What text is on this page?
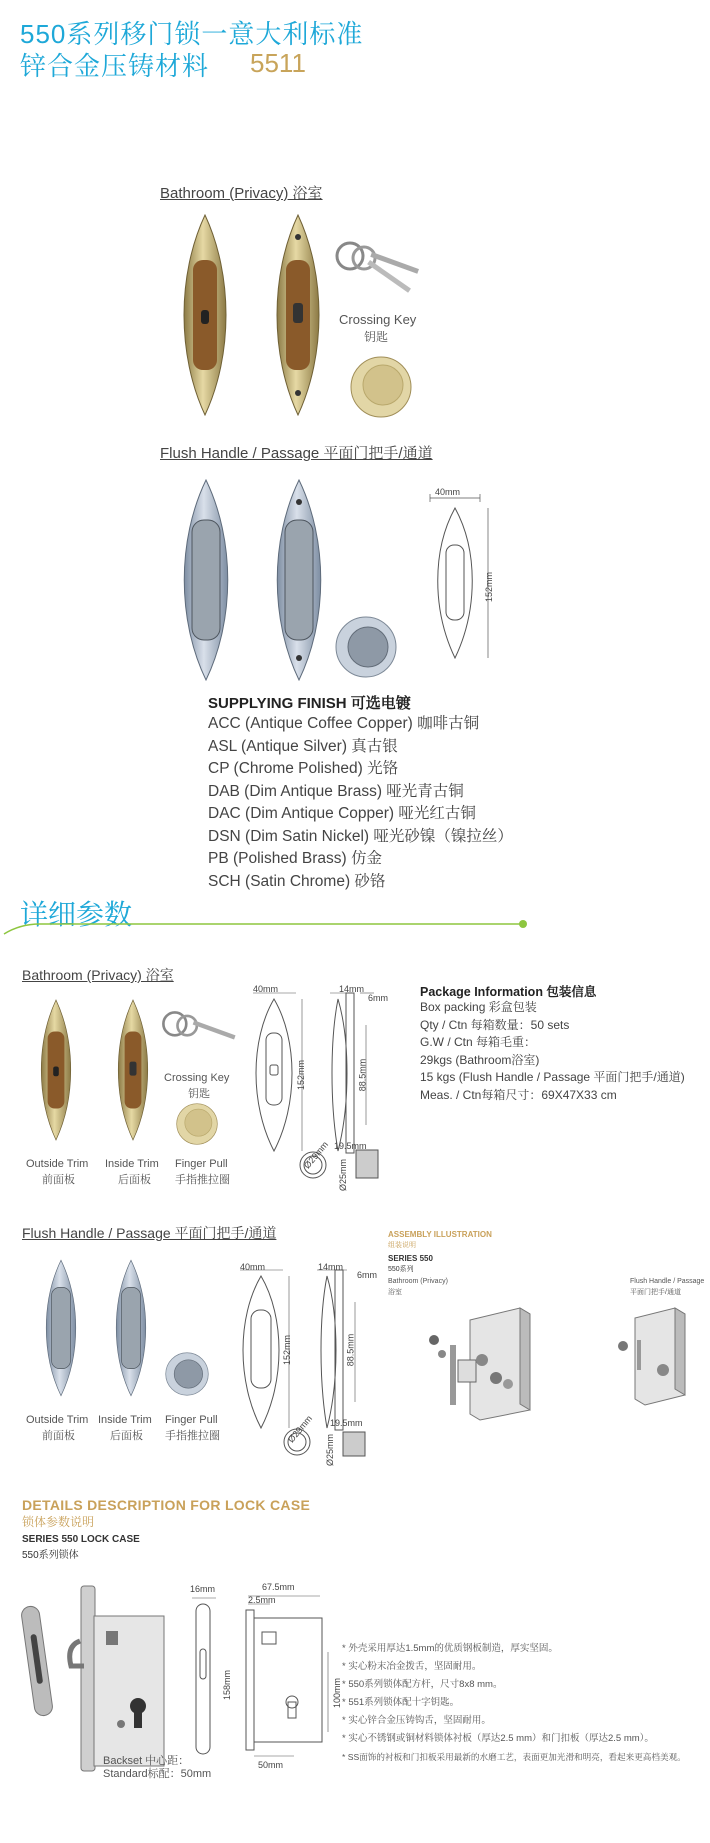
550系列移门锁一意大利标准
锌合金压铸材料 5511
Bathroom (Privacy) 浴室
Crossing Key
钥匙
Flush Handle / Passage 平面门把手/通道
40mm
152mm
SUPPLYING FINISH 可选电镀
ACC (Antique Coffee Copper) 咖啡古铜
ASL (Antique Silver) 真古银
CP (Chrome Polished) 光铬
DAB (Dim Antique Brass) 哑光青古铜
DAC (Dim Antique Copper) 哑光红古铜
DSN (Dim Satin Nickel) 哑光砂镍（镍拉丝）
PB (Polished Brass) 仿金
SCH (Satin Chrome) 砂铬
详细参数
Bathroom (Privacy) 浴室
Crossing Key
钥匙
Outside Trim
前面板
Inside Trim
后面板
Finger Pull
手指推拉圈
40mm	14mm
6mm
152mm	88.5mm
Ø29mm 19.5mm
Ø25mm
Package Information 包装信息
Box packing 彩盒包装
Qty / Ctn 每箱数量：50 sets
G.W / Ctn 每箱毛重：
29kgs (Bathroom浴室)
15 kgs (Flush Handle / Passage 平面门把手/通道)
Meas. / Ctn每箱尺寸：69X47X33 cm
Flush Handle / Passage 平面门把手/通道
Outside Trim
前面板
Inside Trim
后面板
Finger Pull
手指推拉圈
40mm	14mm
6mm
152mm	88.5mm
Ø29mm 19.5mm
Ø25mm
ASSEMBLY ILLUSTRATION
组装说明
SERIES 550
550系列
Bathroom (Privacy)
浴室
Flush Handle / Passage
平面门把手/通道
DETAILS DESCRIPTION FOR LOCK CASE
锁体参数说明
SERIES 550 LOCK CASE
550系列锁体
Backset 中心距：
Standard标配：50mm
16mm
158mm
67.5mm
2.5mm
100mm
50mm
* 外壳采用厚达1.5mm的优质钢板制造，厚实坚固。
* 实心粉末冶金拨舌，坚固耐用。
* 550系列锁体配方杆，尺寸8x8 mm。
* 551系列锁体配十字钥匙。
* 实心锌合金压铸钩舌，坚固耐用。
* 实心不锈钢或铜材料锁体衬板（厚达2.5 mm）和门扣板（厚达2.5 mm）。
* SS面饰的衬板和门扣板采用最新的水磨工艺，表面更加光滑和明亮，看起来更高档美观。
